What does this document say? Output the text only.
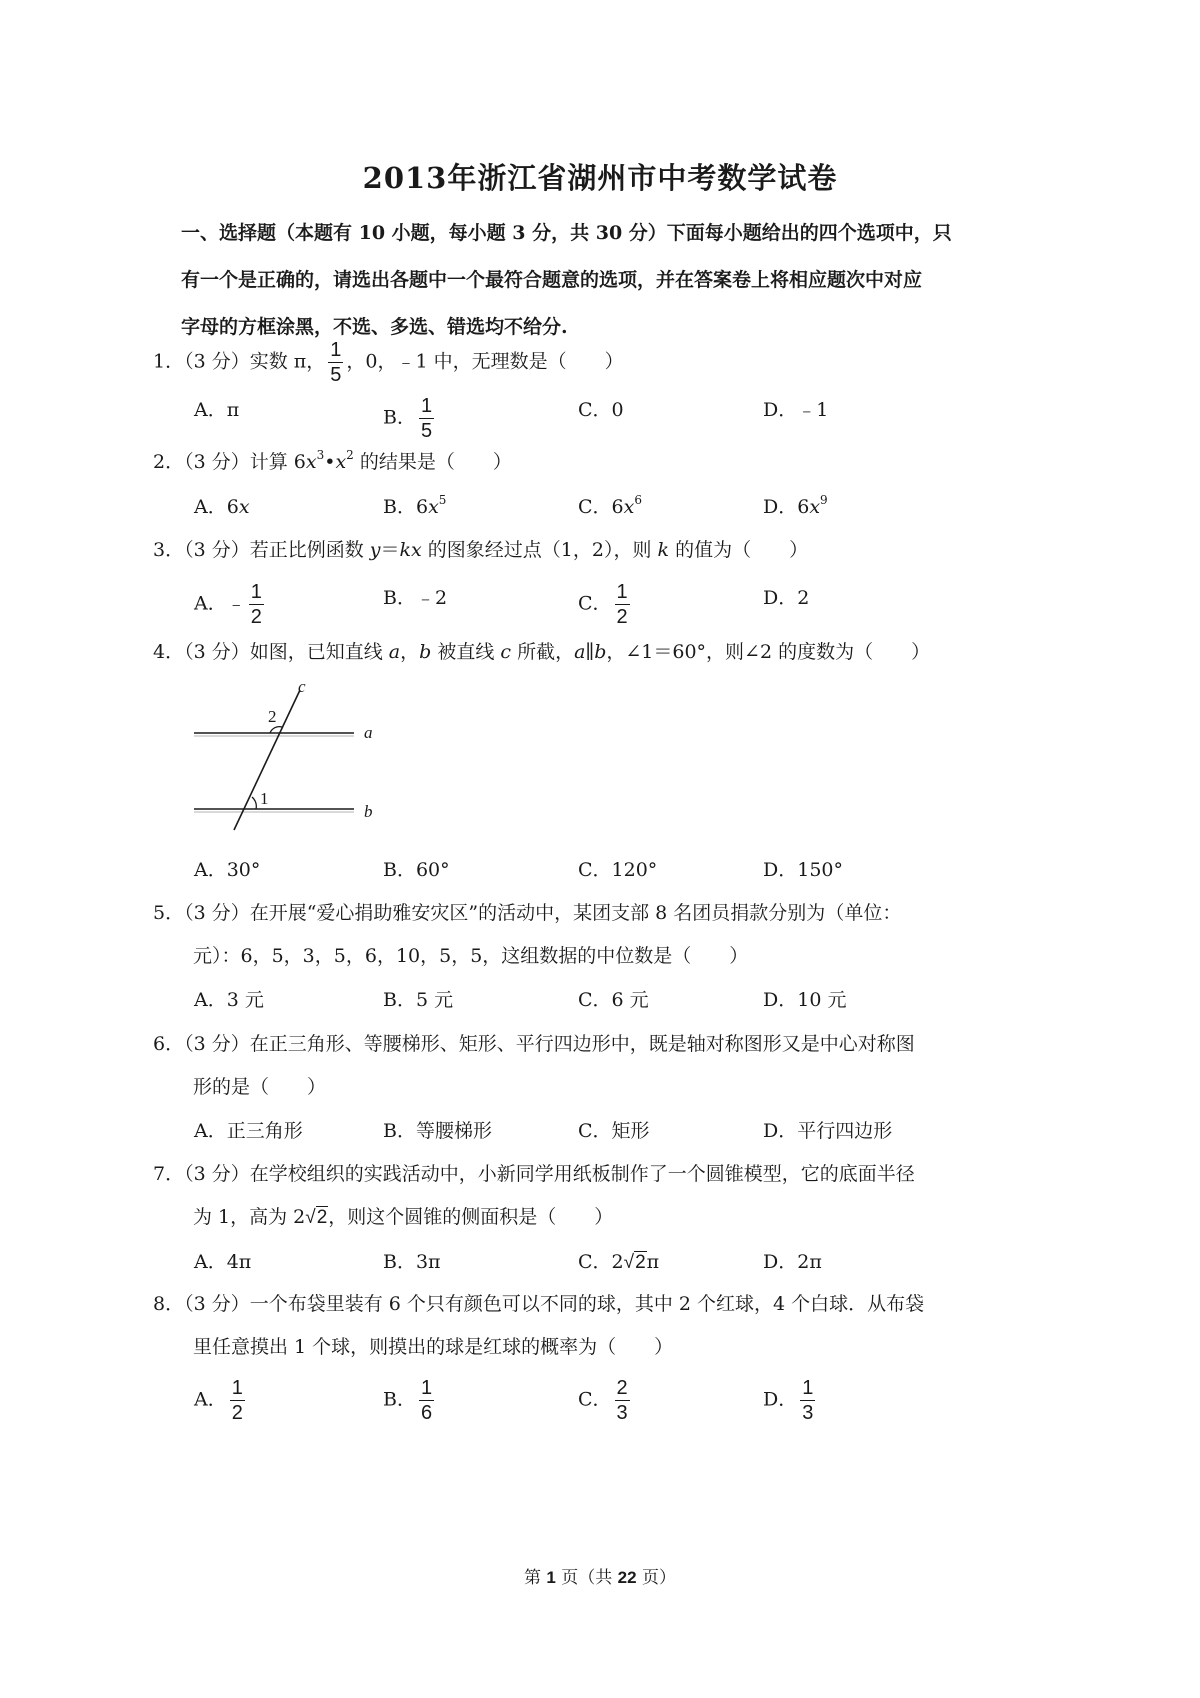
2013年浙江省湖州市中考数学试卷
一、选择题（本题有 10 小题，每小题 3 分，共 30 分）下面每小题给出的四个选项中，只
有一个是正确的，请选出各题中一个最符合题意的选项，并在答案卷上将相应题次中对应
字母的方框涂黑，不选、多选、错选均不给分.
1．（3 分）实数 π， $\frac{1}{5}$ ，0，﹣1 中，无理数是（　　）
A．π	B． $\frac{1}{5}$	C．0	D．﹣1
2．（3 分）计算 $6x^3•x^2$ 的结果是（　　）
A．6x	B．$6x^5$	C．$6x^6$	D．$6x^9$
3．（3 分）若正比例函数 y＝kx 的图象经过点（1，2），则 k 的值为（　　）
A．﹣ $\frac{1}{2}$	B．﹣2	C． $\frac{1}{2}$	D．2
4．（3 分）如图，已知直线 a，b 被直线 c 所截，a∥b，∠1＝60°，则∠2 的度数为（　　）
c
a
b
1
2
A．30°	B．60°	C．120°	D．150°
5．（3 分）在开展“爱心捐助雅安灾区”的活动中，某团支部 8 名团员捐款分别为（单位：
元）：6，5，3，5，6，10，5，5，这组数据的中位数是（　　）
A．3 元	B．5 元	C．6 元	D．10 元
6．（3 分）在正三角形、等腰梯形、矩形、平行四边形中，既是轴对称图形又是中心对称图
形的是（　　）
A．正三角形	B．等腰梯形	C．矩形	D．平行四边形
7．（3 分）在学校组织的实践活动中，小新同学用纸板制作了一个圆锥模型，它的底面半径
为 1，高为 2√2，则这个圆锥的侧面积是（　　）
A．4π	B．3π	C．2√2π	D．2π
8．（3 分）一个布袋里装有 6 个只有颜色可以不同的球，其中 2 个红球，4 个白球．从布袋
里任意摸出 1 个球，则摸出的球是红球的概率为（　　）
A． $\frac{1}{2}$	B． $\frac{1}{6}$	C． $\frac{2}{3}$	D． $\frac{1}{3}$
第 1 页（共 22 页）
